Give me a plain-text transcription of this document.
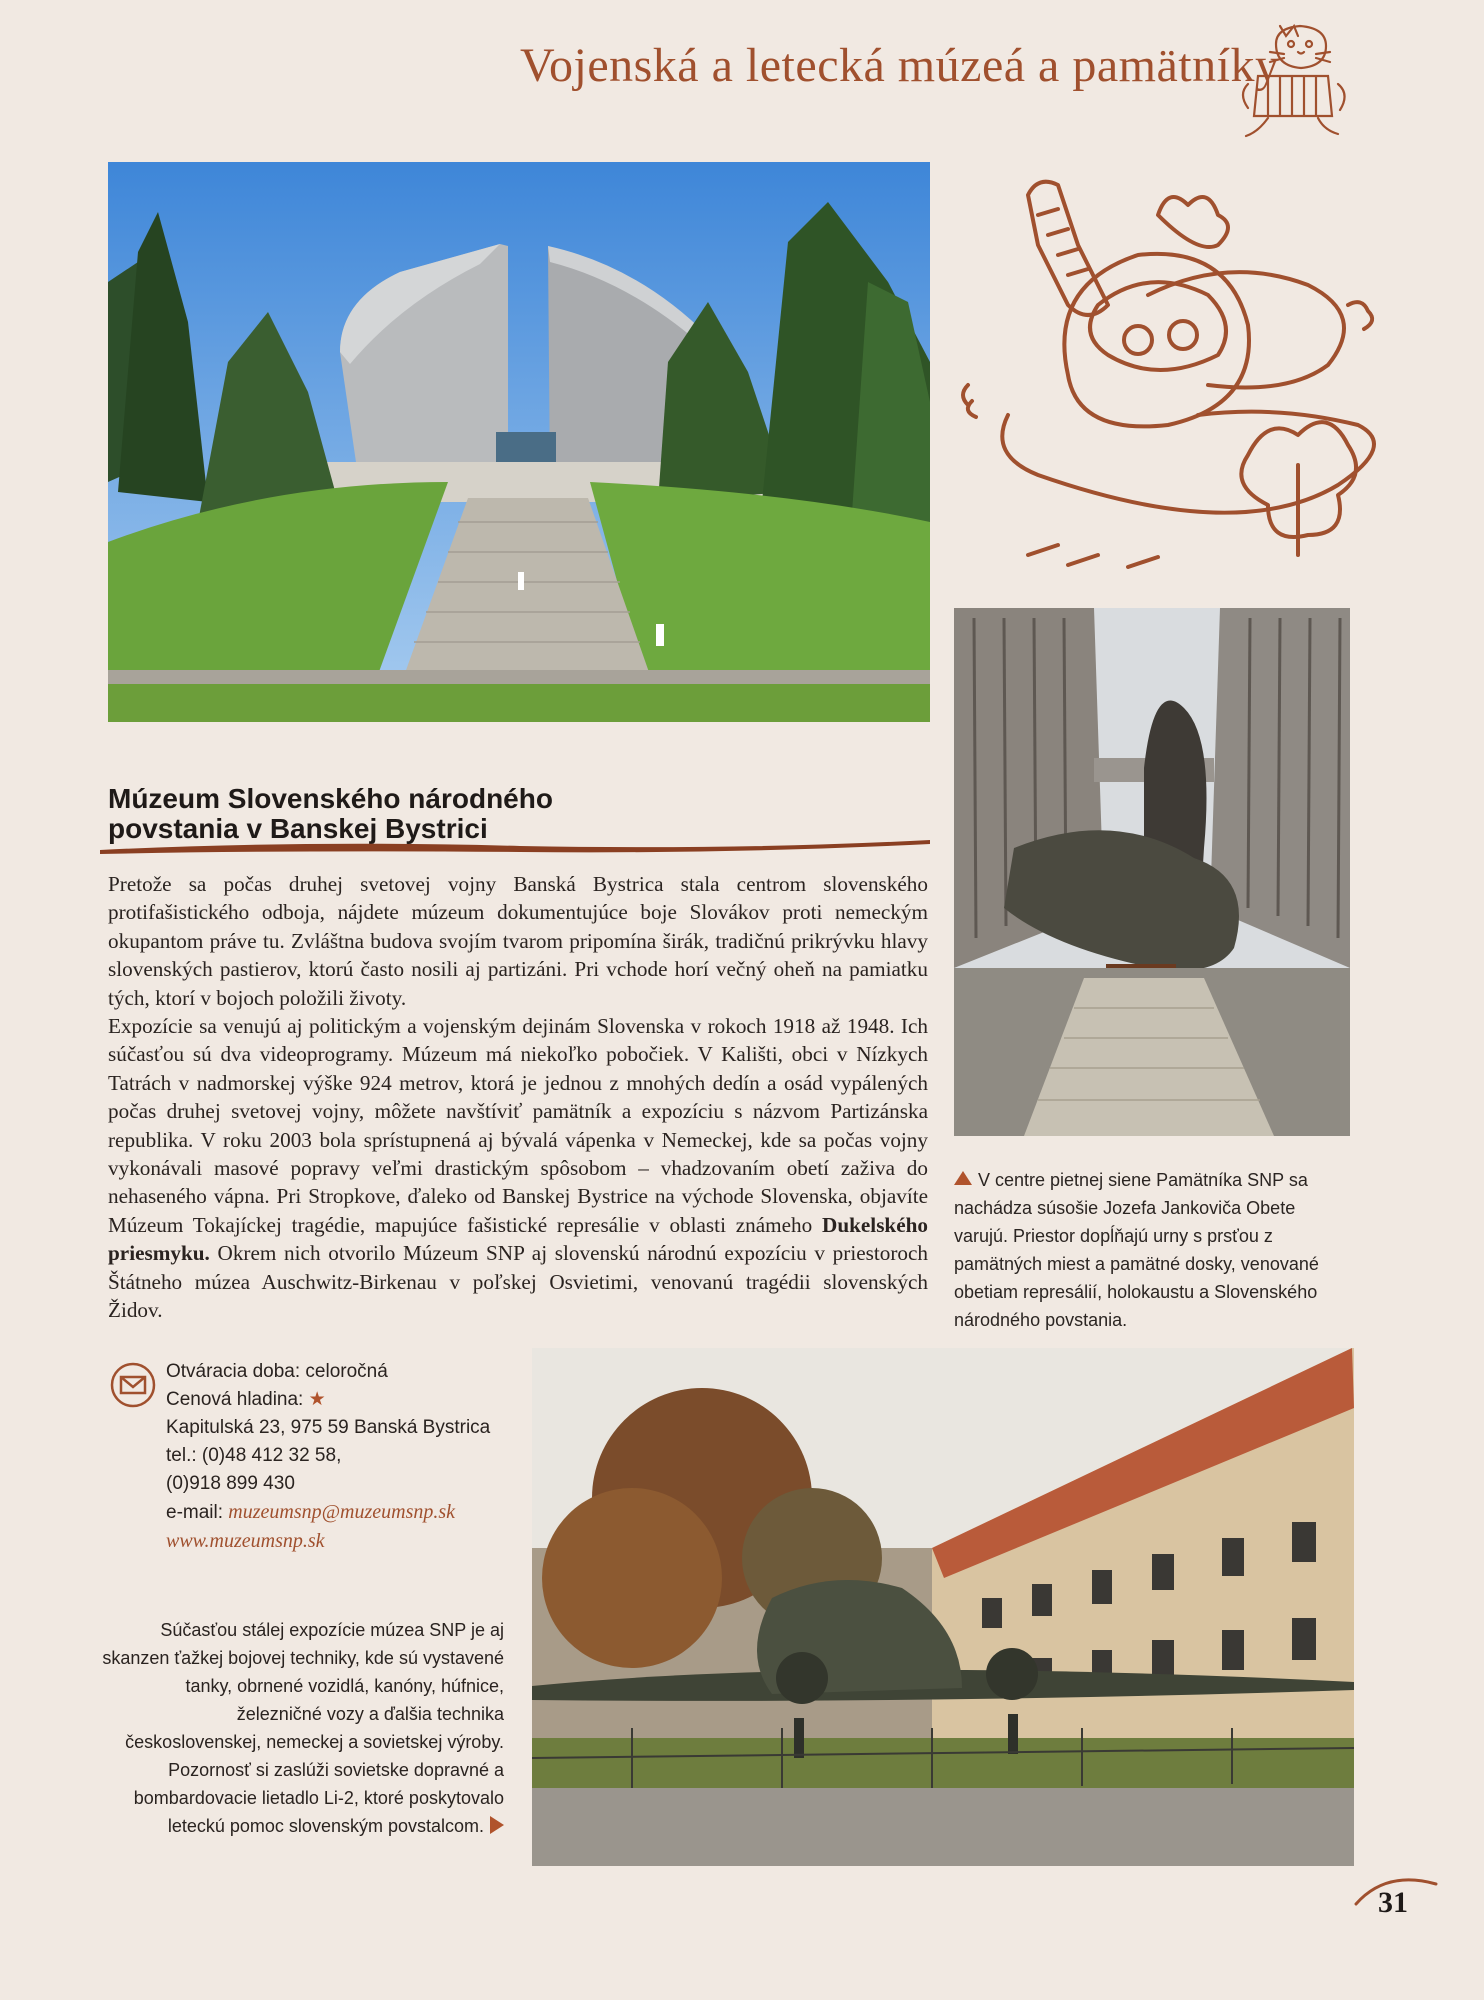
Vojenská a letecká múzeá a pamätníky
Múzeum Slovenského národného
povstania v Banskej Bystrici

Pretože sa počas druhej svetovej vojny Banská Bystrica stala centrom slovenského protifašistického odboja, nájdete múzeum dokumentujúce boje Slovákov proti nemeckým okupantom práve tu. Zvláštna budova svojím tvarom pripomína širák, tradičnú prikrývku hlavy slovenských pastierov, ktorú často nosili aj partizáni. Pri vchode horí večný oheň na pamiatku tých, ktorí v bojoch položili životy.

Expozície sa venujú aj politickým a vojenským dejinám Slovenska v rokoch 1918 až 1948. Ich súčasťou sú dva videoprogramy. Múzeum má niekoľko pobočiek. V Kališti, obci v Nízkych Tatrách v nadmorskej výške 924 metrov, ktorá je jednou z mnohých dedín a osád vypálených počas druhej svetovej vojny, môžete navštíviť pamätník a expozíciu s názvom Partizánska republika. V roku 2003 bola sprístupnená aj bývalá vápenka v Nemeckej, kde sa počas vojny vykonávali masové popravy veľmi drastickým spôsobom – vhadzovaním obetí zaživa do nehaseného vápna. Pri Stropkove, ďaleko od Banskej Bystrice na východe Slovenska, objavíte Múzeum Tokajíckej tragédie, mapujúce fašistické represálie v oblasti známeho Dukelského priesmyku. Okrem nich otvorilo Múzeum SNP aj slovenskú národnú expozíciu v priestoroch Štátneho múzea Auschwitz-Birkenau v poľskej Osvietimi, venovanú tragédii slovenských Židov.

V centre pietnej siene Pamätníka SNP sa nachádza súsošie Jozefa Jankoviča Obete varujú. Priestor dopĺňajú urny s prsťou z pamätných miest a pamätné dosky, venované obetiam represálií, holokaustu a Slovenského národného povstania.
Otváracia doba: celoročná
Cenová hladina: ★
Kapitulská 23, 975 59 Banská Bystrica
tel.: (0)48 412 32 58,
(0)918 899 430
e-mail: muzeumsnp@muzeumsnp.sk
www.muzeumsnp.sk
Súčasťou stálej expozície múzea SNP je aj skanzen ťažkej bojovej techniky, kde sú vystavené tanky, obrnené vozidlá, kanóny, húfnice, železničné vozy a ďalšia technika československej, nemeckej a sovietskej výroby. Pozornosť si zaslúži sovietske dopravné a bombardovacie lietadlo Li-2, ktoré poskytovalo leteckú pomoc slovenským povstalcom.
31
